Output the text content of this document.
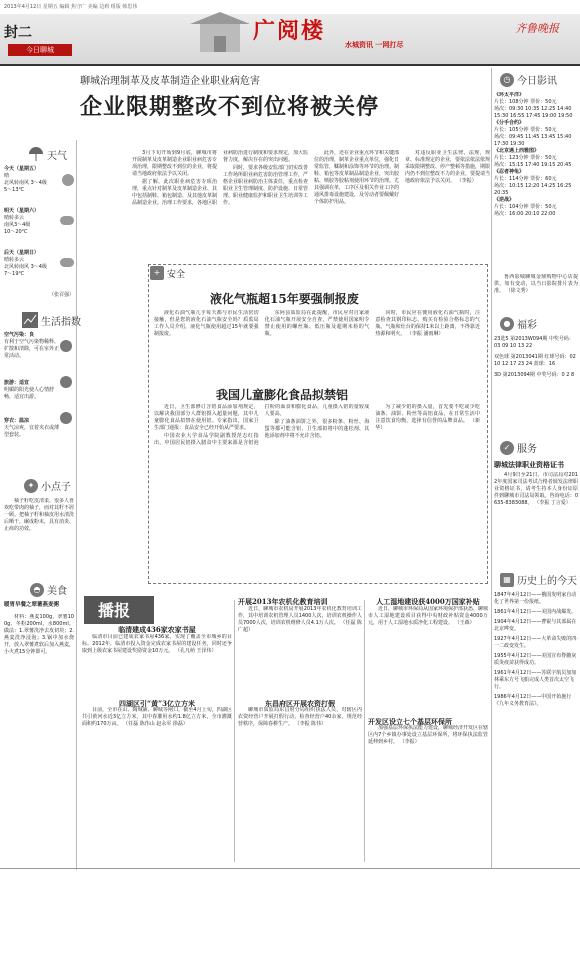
2013年4月12日 星期五 编辑 焦守广 美编 边莉 组版 韩思伟
封二
今日聊城
广阅楼
水城资讯 一网打尽
齐鲁晚报
天气
今天（星期五）
晴
北风转南风 3～4级
5～13℃
明天（星期六）
晴转多云
南风3～4级
10～20℃
后天（星期日）
晴转多云
北风转南风 3～4级
7～19℃
（张召强）
生活指数
空气污染：良
有利于空气污染物稀释、扩散和清除，可在室外正常活动。
旅游：适宜
明媚的阳光使人心情舒畅，适宜出游。
穿衣：温凉
天气凉爽，宜着夹衣或薄型套装。
✦ 小点子

柚子籽吃皮清柔。很多人喜欢吃带肉的柚子，而对其籽不屑一顾。把柚子籽和柚皮用水清洗后晒干，碾成粉末，具有消炎、止痒的功效。

◓ 美食
暖胃早餐之翠薯燕麦粥

材料：燕麦100g，翠薯100g，冬粉200ml，水800ml。做法：1.翠薯洗净去皮切块；2.燕麦洗净浸泡；3.锅中加水烧开，放入翠薯煮软后加入燕麦，小火煮15分钟即可。

聊城治理制革及皮革制造企业职业病危害
企业限期整改不到位将被关停

3月下旬开始到9月底，聊城市将开展制革及皮革制造企业职业病危害专项治理，限期整改不到位的企业，将提请当地政府依法予以关闭。

据了解，此次职业病危害专项治理，重点针对制革及皮革制造企业、其中包括制鞋、箱包制造、及其他皮革制品制造企业。治理工作要求，各地区职业病防治进行制度和要求规定，加大监督力度，解决存在的突出问题。

同时，要求各级安监部门切实改善工作场所职业病危害防治管理工作，严格企业职业病防治主体责任，重点检查职业卫生管理制度、防护设施、日常管理、职业健康监护和职业卫生培训等工作。

此外，还在企业重点环节和关键部位的治理，制革企业重点单位，强化日常监管，鞣制和涂饰等环节的治理。制鞋、箱包等皮革制品制造企业，突出胶粘、喷胶等胶粘剂使用环节的治理。尤其强调在单，工序区及相关作业工序的通风排毒设施建设，及劳动者要佩戴好个体防护用品。

对违反职业卫生法律、法规，规章、标准规定的企业，要依法依法依规采取限期整改、停产整顿等措施，期限内仍不到位整改不力的企业，要提请当地政府依法予以关闭。 （李振）

+ 安全
液化气瓶超15年要强制报废

液化石油气瓶几乎每天都与市民生活密切接触，但是您的液化石油气瓶安全吗？质监局工作人员介绍，液化气瓶使用超过15年就要强制报废。

东阿县质监局在此提醒，市民应对自家液化石油气瓶开展安全自查，严禁使用国家明令禁止使用的螺丝瓶、低压瓶及超期未检的气瓶。

同时，市民应在便用液化石油气瓶时，注意检查其钢印标志，购买有检验合格标志的气瓶。气瓶和灶台的保持1米以上距离，不得靠近热源和明火。 （李振 潘雨琳）

我国儿童膨化食品拟禁铝

近日，卫生部修订含铝食品添加剂规定，以解决我国部分人群铝摄入超量问题，其中儿童膨化食品拟禁在使用铝。专家指出，国家卫生部门通报：食品安全已经开始从严要求。

中国农业大学食品学院副教授范志红指出，中国居民铝摄入膳食中主要来源是含铝泡打粉的面食和膨化食品，儿童摄入铝的量较成人要高。

除了油条油饼之外，很多粉条、粉丝、海蜇等都可能含铝，卫生部拟将中的蓬松剂、其他添加剂中将不允许含铝。

为了减少铝的摄入量，首先要不吃或少吃油条、油饼、粉丝等高铝食品，在日常生活中注意饮食均衡，选择有信誉的品牌食品。 （新华）

播报
临清建成436家农家书屋

临清市目前已建成农家书屋436家，实现了覆盖全市城乡的目标。2012年，临清市投入资金完成农家书屋的建设任务，同时还争取到上级农家书屋建设奖励资金10万元。 （孔凡萌 王泽伟）

四湖区引“黄”3亿立方米

目前，全市在山、陶城铺、聊城等闸口，截至4月上旬，四湖区共引黄河水近3亿立方米，其中春灌用水约1.8亿立方米，全市灌溉面积约170万亩。 （任磊 陈伟山 赵永军 徐磊）

开展2013年农机化教育培训

近日，聊城市农机局开展2013年农机化教育培训工作，其中培训农机管理人员1400人次，培训农机操作人员7000人次，培训农机维修人员4.1万人次。 （任磊 陈广超）

东昌府区开展农资打假

聊城市质监局东昌府分局组织执法人员，对辖区内农资经营户开展打假行动，检查经营户40余家，规范经营秩序，保障春耕生产。 （李振 陈伟）

人工湿地建设获4000万国家补贴

近日，聊城市环保局从国家环境保护部获悉，聊城市人工湿地建设项目获得中央财政补贴资金4000万元，用于人工湿地水质净化工程建设。 （王森）

开发区设立七个基层环保所

加强基层环保执法能力建设，聊城经济开发区在辖区内7个乡镇办事处设立基层环保所，将环保执法监管延伸到乡村。 （李振）

◷ 今日影讯
《环太平洋》
片长：108分钟 票价：50元
场次：09:30 10:35 12:25 14:40 15:30 16:55 17:45 19:00 19:50
《分手合约》
片长：105分钟 票价：50元
场次：09:45 11:45 13:45 15:40 17:30 19:30
《北京遇上西雅图》
片长：123分钟 票价：50元
场次：15:15 17:40 19:15 20:45
《忍者神龟》
片长：114分钟 票价：60元
场次：10:15 12:20 14:25 16:25 20:35
《逆战》
片长：104分钟 票价：50元
场次：16:00 20:10 22:00

鲁西影城聊城金鼎购物中心店提供，如有变动，以当日影院排片表为准。 （徐文秀）

● 福彩
23选5 第2013W094期 中奖号码：03 09 10 13 22
双色球 第2013041期 红球号码：02 10 12 17 23 24 蓝球：16
3D 第2013094期 中奖号码：0 2 8
✓ 服务
聊城法律职业资格证书

4月9日至21日，市司法局对2012年度国家司法考试合格者颁发法律职业资格证书，请考生持本人身份证原件到聊城市司法局领取。咨询电话：0635-8383088。 （李振 丁言爱）

▦ 历史上的今天
1847年4月12日——俄国发明家自动化了世界第一份报纸。
1861年4月12日——美国内战爆发。
1904年4月12日——曹锟与其部属在北京哗变。
1927年4月12日——大革命失败的四·一二政变发生。
1955年4月12日——美国宣布脊髓灰质炎疫苗获得成功。
1961年4月12日——苏联宇航员加加林乘东方号飞船完成人类首次太空飞行。
1986年4月12日——中国开始施行《九年义务教育法》。
